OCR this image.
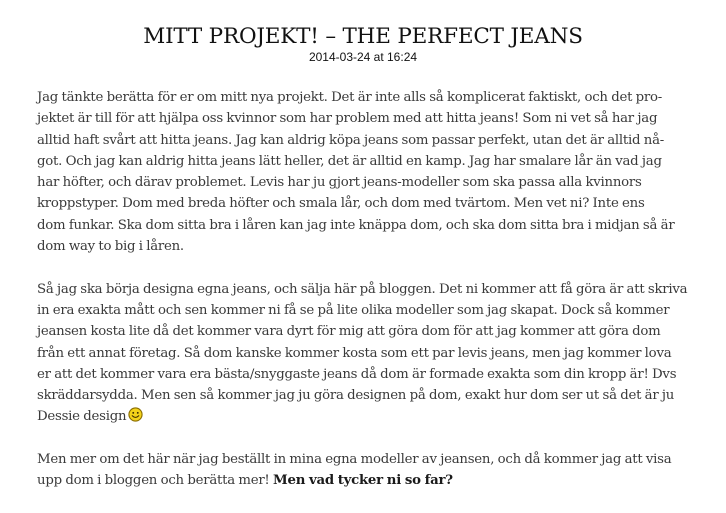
MITT PROJEKT! – THE PERFECT JEANS
2014-03-24 at 16:24

Jag tänkte berätta för er om mitt nya projekt. Det är inte alls så komplicerat faktiskt, och det pro-
jektet är till för att hjälpa oss kvinnor som har problem med att hitta jeans! Som ni vet så har jag
alltid haft svårt att hitta jeans. Jag kan aldrig köpa jeans som passar perfekt, utan det är alltid nå-
got. Och jag kan aldrig hitta jeans lätt heller, det är alltid en kamp. Jag har smalare lår än vad jag
har höfter, och därav problemet. Levis har ju gjort jeans-modeller som ska passa alla kvinnors
kroppstyper. Dom med breda höfter och smala lår, och dom med tvärtom. Men vet ni? Inte ens
dom funkar. Ska dom sitta bra i låren kan jag inte knäppa dom, och ska dom sitta bra i midjan så är
dom way to big i låren.

Så jag ska börja designa egna jeans, och sälja här på bloggen. Det ni kommer att få göra är att skriva
in era exakta mått och sen kommer ni få se på lite olika modeller som jag skapat. Dock så kommer
jeansen kosta lite då det kommer vara dyrt för mig att göra dom för att jag kommer att göra dom
från ett annat företag. Så dom kanske kommer kosta som ett par levis jeans, men jag kommer lova
er att det kommer vara era bästa/snyggaste jeans då dom är formade exakta som din kropp är! Dvs
skräddarsydda. Men sen så kommer jag ju göra designen på dom, exakt hur dom ser ut så det är ju
Dessie design

Men mer om det här när jag beställt in mina egna modeller av jeansen, och då kommer jag att visa
upp dom i bloggen och berätta mer! Men vad tycker ni so far?
